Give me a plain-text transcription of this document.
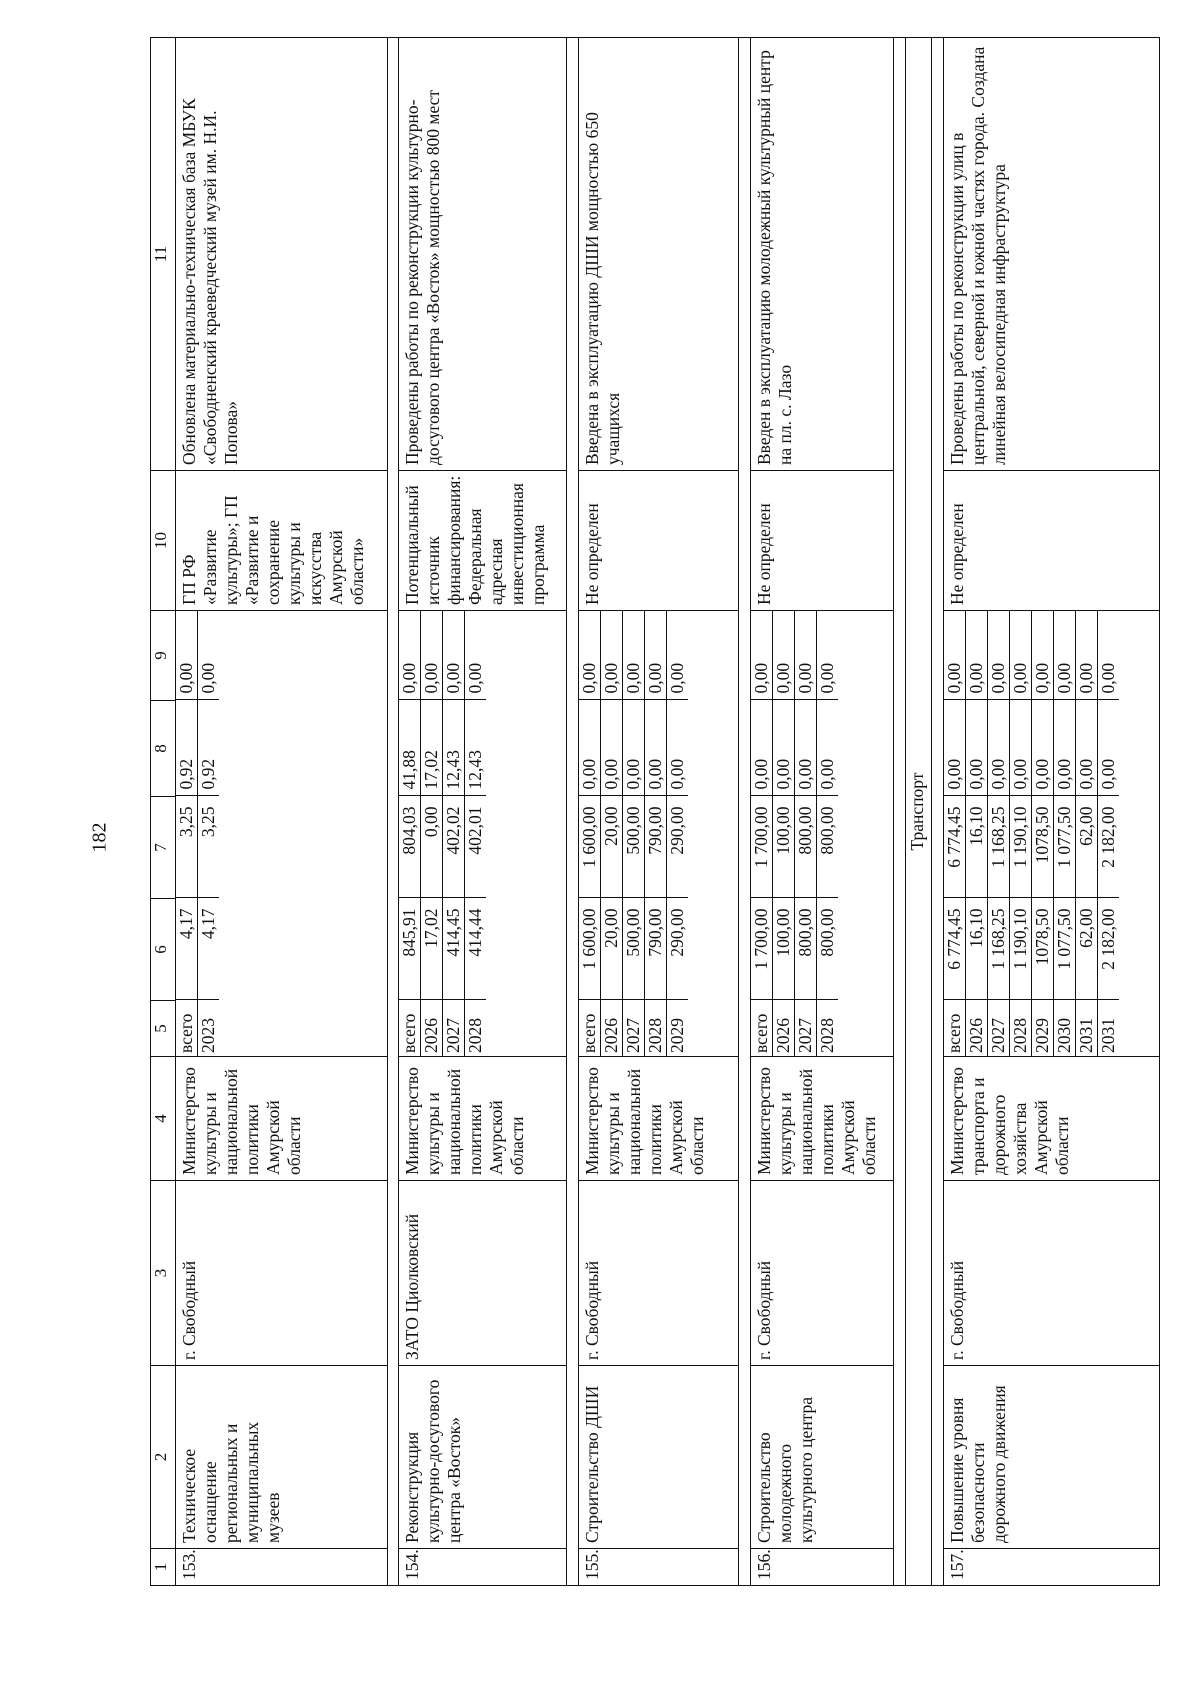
182
1	2	3	4	5	6	7	8	9	10	11
153.	Техническое оснащение региональных и муниципальных музеев	г. Свободный	Министерство культуры и национальной политики Амурской области	
всего	4,17	3,25	0,92	0,00
2023	4,17	3,25	0,92	0,00
	ГП РФ «Развитие культуры»; ГП «Развитие и сохранение культуры и искусства Амурской области»	Обновлена материально-техническая база МБУК «Свободненский краеведческий музей им. Н.И. Попова»

154.	Реконструкция культурно-досугового центра «Восток»	ЗАТО Циолковский	Министерство культуры и национальной политики Амурской области	
всего	845,91	804,03	41,88	0,00
2026	17,02	0,00	17,02	0,00
2027	414,45	402,02	12,43	0,00
2028	414,44	402,01	12,43	0,00
	Потенциальный источник финансирования: Федеральная адресная инвестиционная программа	Проведены работы по реконструкции культурно-досугового центра «Восток» мощностью 800 мест

155.	Строительство ДШИ	г. Свободный	Министерство культуры и национальной политики Амурской области	
всего	1 600,00	1 600,00	0,00	0,00
2026	20,00	20,00	0,00	0,00
2027	500,00	500,00	0,00	0,00
2028	790,00	790,00	0,00	0,00
2029	290,00	290,00	0,00	0,00
	Не определен	Введена в эксплуатацию ДШИ мощностью 650 учащихся

156.	Строительство молодежного культурного центра	г. Свободный	Министерство культуры и национальной политики Амурской области	
всего	1 700,00	1 700,00	0,00	0,00
2026	100,00	100,00	0,00	0,00
2027	800,00	800,00	0,00	0,00
2028	800,00	800,00	0,00	0,00
	Не определен	Введен в эксплуатацию молодежный культурный центр на пл. с. Лазо

Транспорт

157.	Повышение уровня безопасности дорожного движения	г. Свободный	Министерство транспорта и дорожного хозяйства Амурской области	
всего	6 774,45	6 774,45	0,00	0,00
2026	16,10	16,10	0,00	0,00
2027	1 168,25	1 168,25	0,00	0,00
2028	1 190,10	1 190,10	0,00	0,00
2029	1078,50	1078,50	0,00	0,00
2030	1 077,50	1 077,50	0,00	0,00
2031	62,00	62,00	0,00	0,00
2031	2 182,00	2 182,00	0,00	0,00
	Не определен	Проведены работы по реконструкции улиц в центральной, северной и южной частях города. Создана линейная велосипедная инфраструктура
